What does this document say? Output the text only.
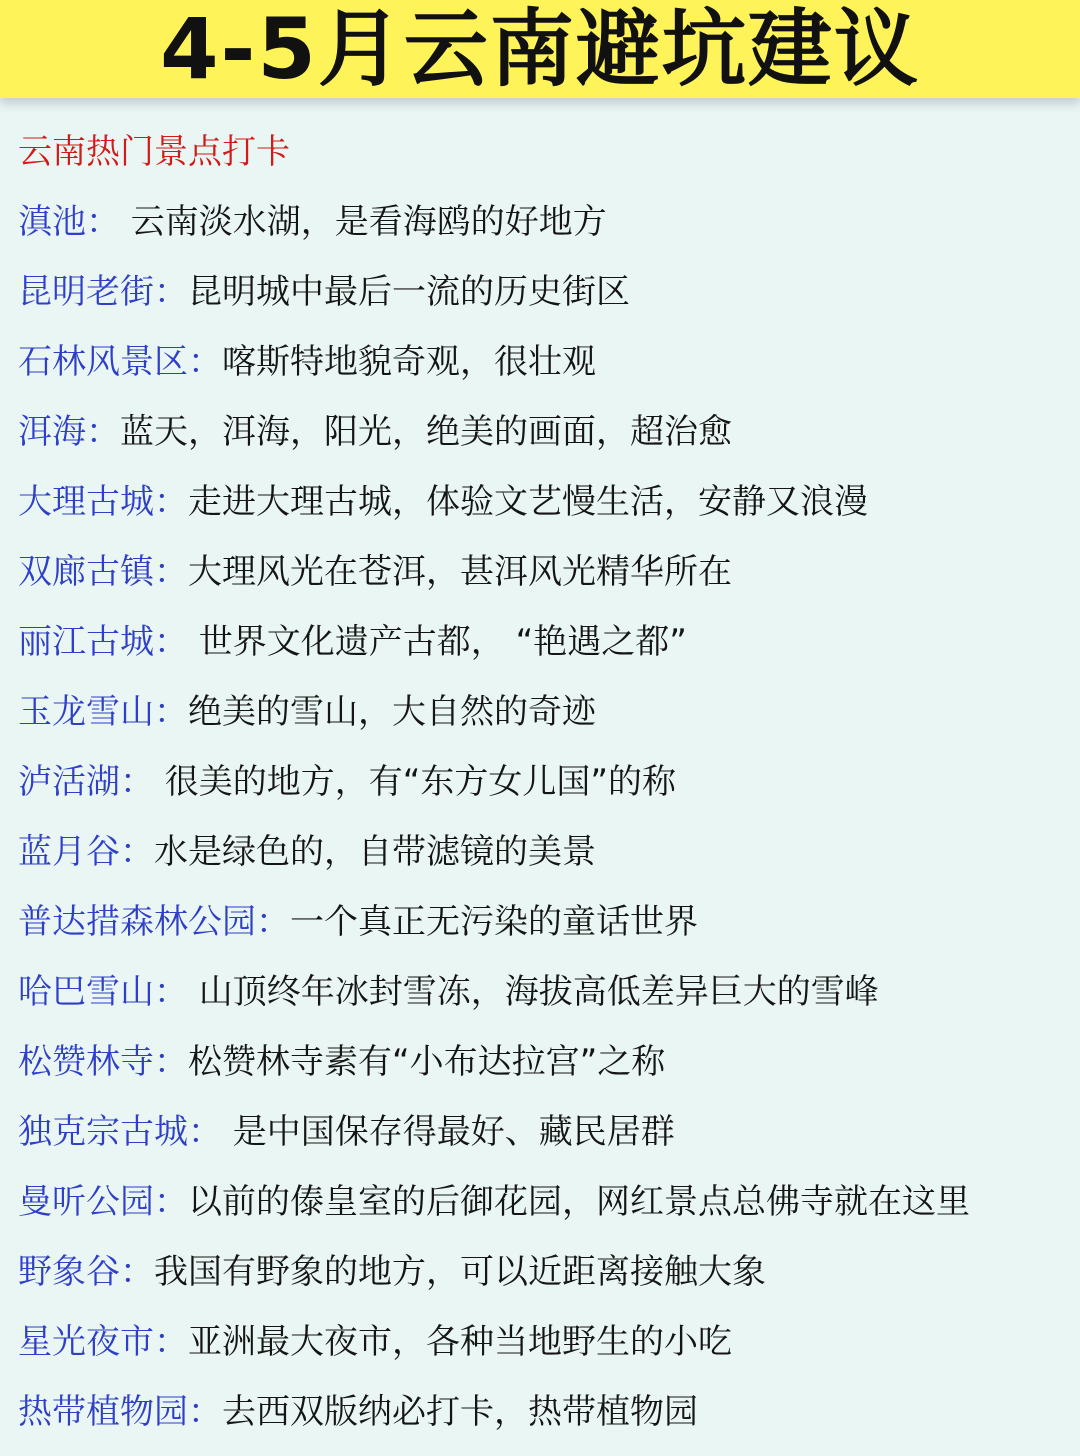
4-5月云南避坑建议
云南热门景点打卡
滇池： 云南淡水湖，是看海鸥的好地方
昆明老街：昆明城中最后一流的历史街区
石林风景区：喀斯特地貌奇观，很壮观
洱海：蓝天，洱海，阳光，绝美的画面，超治愈
大理古城：走进大理古城，体验文艺慢生活，安静又浪漫
双廊古镇：大理风光在苍洱，甚洱风光精华所在
丽江古城： 世界文化遗产古都， “艳遇之都”
玉龙雪山：绝美的雪山，大自然的奇迹
泸活湖： 很美的地方，有“东方女儿国”的称
蓝月谷：水是绿色的，自带滤镜的美景
普达措森林公园：一个真正无污染的童话世界
哈巴雪山： 山顶终年冰封雪冻，海拔高低差异巨大的雪峰
松赞林寺：松赞林寺素有“小布达拉宫”之称
独克宗古城： 是中国保存得最好、藏民居群
曼听公园：以前的傣皇室的后御花园，网红景点总佛寺就在这里
野象谷：我国有野象的地方，可以近距离接触大象
星光夜市：亚洲最大夜市，各种当地野生的小吃
热带植物园：去西双版纳必打卡，热带植物园
